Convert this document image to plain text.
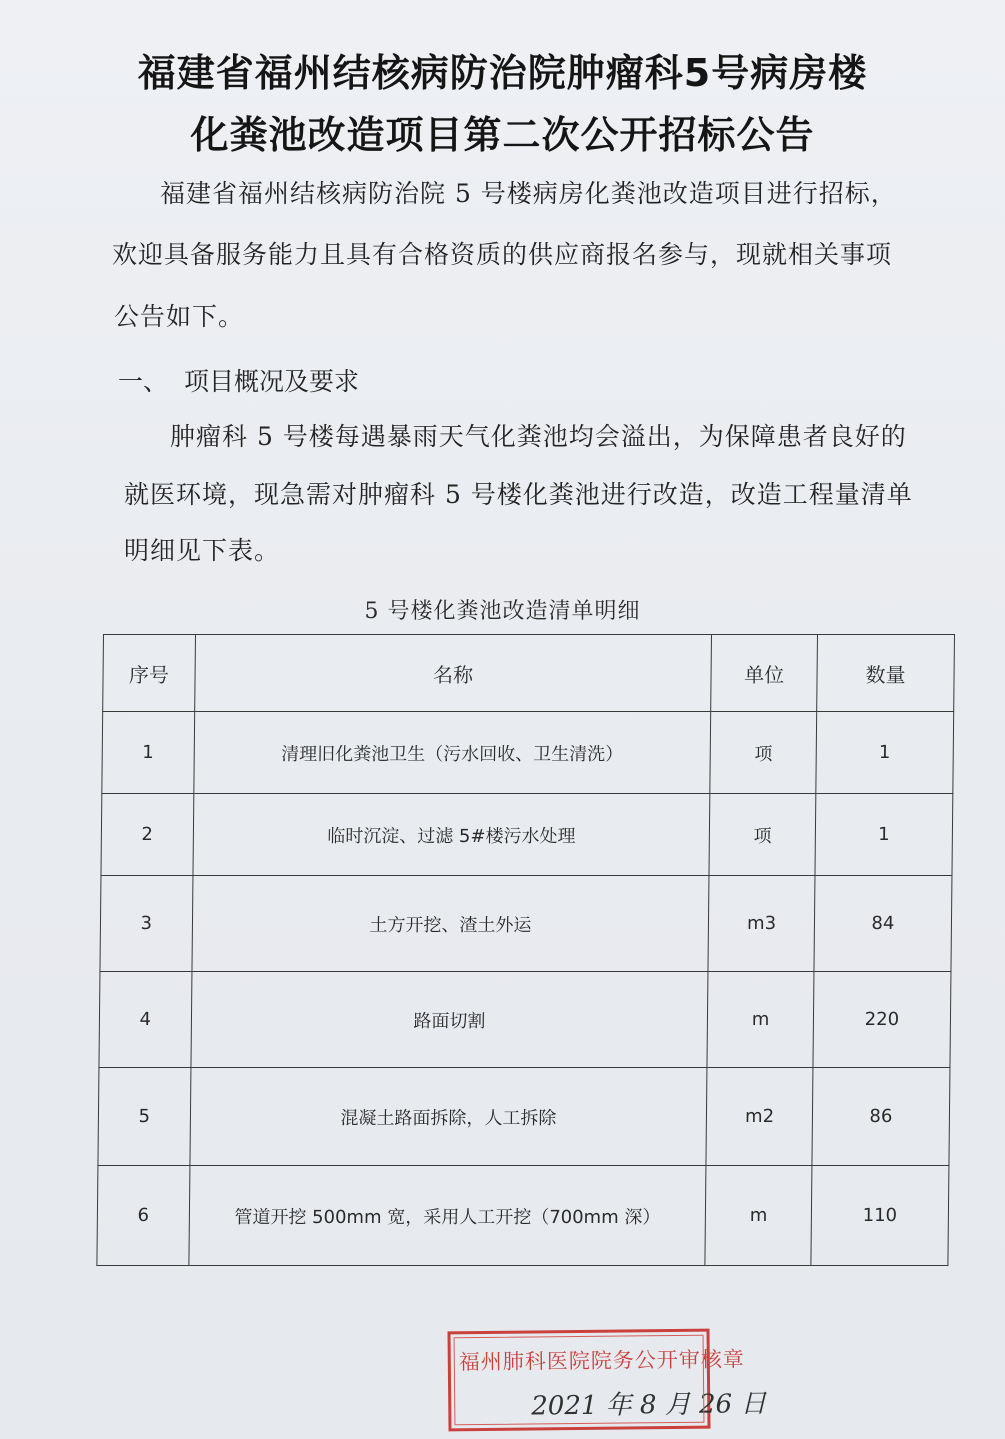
福建省福州结核病防治院肿瘤科5号病房楼
化粪池改造项目第二次公开招标公告
福建省福州结核病防治院 5 号楼病房化粪池改造项目进行招标，
欢迎具备服务能力且具有合格资质的供应商报名参与，现就相关事项
公告如下。
一、 项目概况及要求
肿瘤科 5 号楼每遇暴雨天气化粪池均会溢出，为保障患者良好的
就医环境，现急需对肿瘤科 5 号楼化粪池进行改造，改造工程量清单
明细见下表。
5 号楼化粪池改造清单明细
序号	名称	单位	数量
1	清理旧化粪池卫生（污水回收、卫生清洗）	项	1
2	临时沉淀、过滤 5#楼污水处理	项	1
3	土方开挖、渣土外运	m3	84
4	路面切割	m	220
5	混凝土路面拆除，人工拆除	m2	86
6	管道开挖 500mm 宽，采用人工开挖（700mm 深）	m	110
福州肺科医院院务公开审核章
2021 年 8 月 26 日
